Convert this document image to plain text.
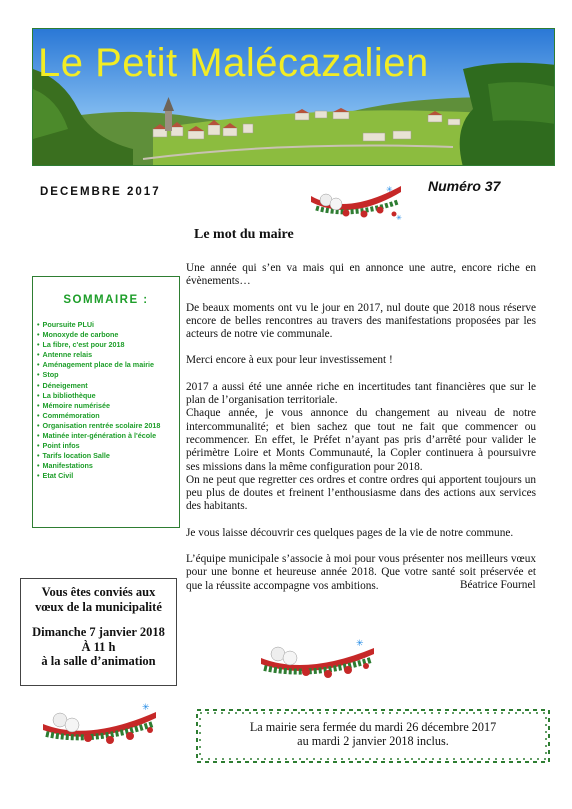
Le Petit Malécazalien
DECEMBRE 2017	Numéro 37
✳
✳
Le mot du maire

Une année qui s’en va mais qui en annonce une autre, encore riche en évènements…

De beaux moments ont vu le jour en 2017, nul doute que 2018 nous réserve encore de belles rencontres au travers des manifestations proposées par les acteurs de notre vie communale.

Merci encore à eux pour leur investissement !

2017 a aussi été une année riche en incertitudes tant financières que sur le plan de l’organisation territoriale.

Chaque année, je vous annonce du changement au niveau de notre intercommunalité; et bien sachez que tout ne fait que commencer ou recommencer. En effet, le Préfet n’ayant pas pris d’arrêté pour valider le périmètre Loire et Monts Communauté, la Copler continuera à poursuivre ses missions dans la même configuration pour 2018.

On ne peut que regretter ces ordres et contre ordres qui apportent toujours un peu plus de doutes et freinent l’enthousiasme dans des actions aux services des habitants.

Je vous laisse découvrir ces quelques pages de la vie de notre commune.

L’équipe municipale s’associe à moi pour vous présenter nos meilleurs vœux pour une bonne et heureuse année 2018. Que votre santé soit préservée et que la réussite accompagne vos ambitions.	Béatrice Fournel
SOMMAIRE :
• Poursuite PLUi
• Monoxyde de carbone
• La fibre, c'est pour 2018
• Antenne relais
• Aménagement place de la mairie
• Stop
• Déneigement
• La bibliothèque
• Mémoire numérisée
• Commémoration
• Organisation rentrée scolaire 2018
• Matinée inter-génération à l'école
• Point infos
• Tarifs location Salle
• Manifestations
• Etat Civil
Vous êtes conviés aux
vœux de la municipalité
Dimanche 7 janvier 2018
À 11 h
à la salle d’animation
✳
✳
La mairie sera fermée du mardi 26 décembre 2017
au mardi 2 janvier 2018 inclus.
